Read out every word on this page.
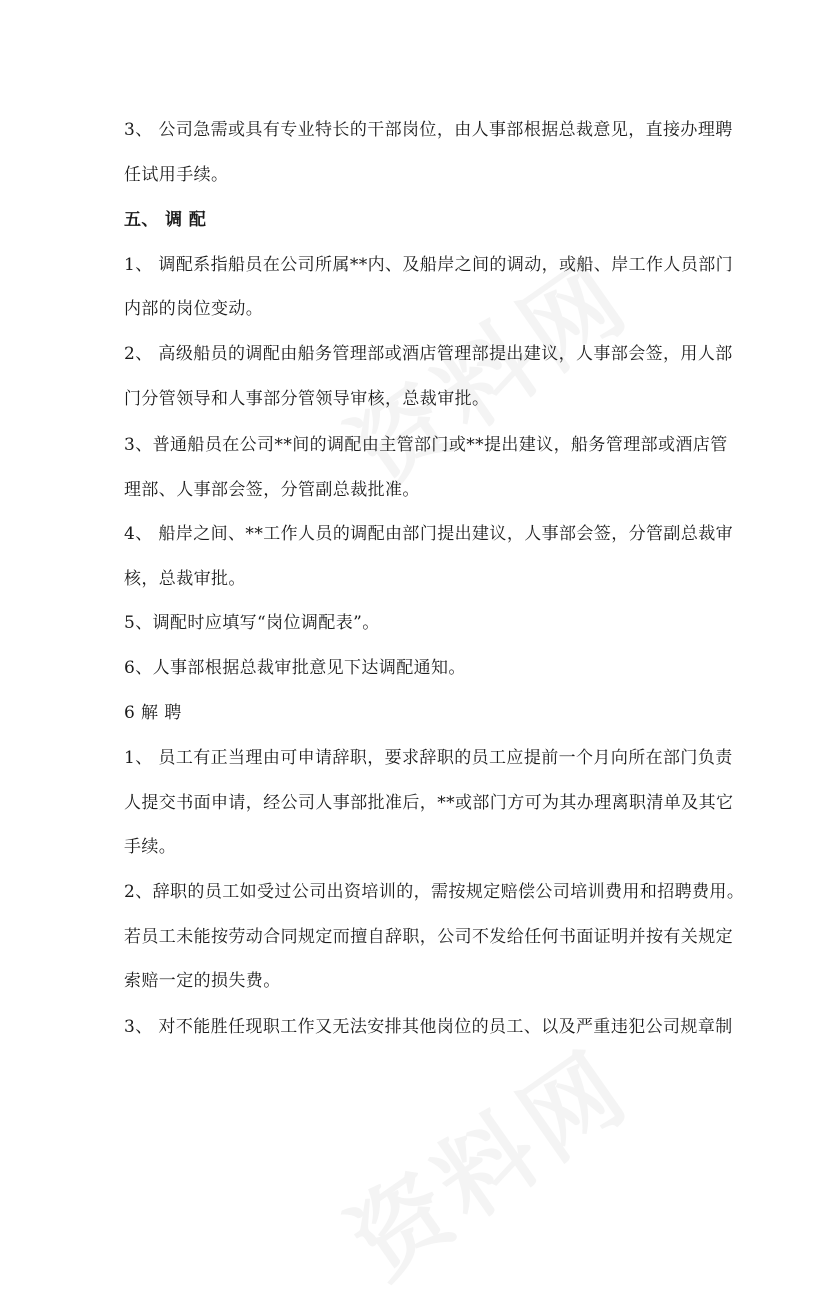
3、 公司急需或具有专业特长的干部岗位，由人事部根据总裁意见，直接办理聘
任试用手续。
五、 调 配
1、 调配系指船员在公司所属**内、及船岸之间的调动，或船、岸工作人员部门
内部的岗位变动。
2、 高级船员的调配由船务管理部或酒店管理部提出建议，人事部会签，用人部
门分管领导和人事部分管领导审核，总裁审批。
3、普通船员在公司**间的调配由主管部门或**提出建议，船务管理部或酒店管
理部、人事部会签，分管副总裁批准。
4、 船岸之间、**工作人员的调配由部门提出建议，人事部会签，分管副总裁审
核，总裁审批。
5、调配时应填写“岗位调配表”。
6、人事部根据总裁审批意见下达调配通知。
6 解 聘
1、 员工有正当理由可申请辞职，要求辞职的员工应提前一个月向所在部门负责
人提交书面申请，经公司人事部批准后，**或部门方可为其办理离职清单及其它
手续。
2、辞职的员工如受过公司出资培训的，需按规定赔偿公司培训费用和招聘费用。
若员工未能按劳动合同规定而擅自辞职，公司不发给任何书面证明并按有关规定
索赔一定的损失费。
3、 对不能胜任现职工作又无法安排其他岗位的员工、以及严重违犯公司规章制
